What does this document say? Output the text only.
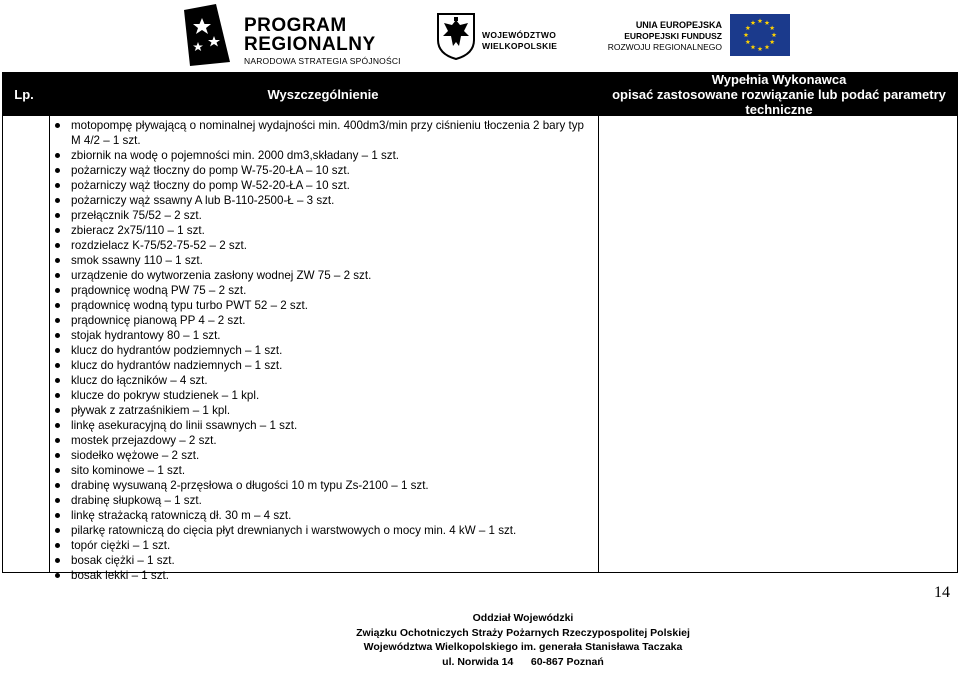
PROGRAM
REGIONALNY
NARODOWA STRATEGIA SPÓJNOŚCI
WOJEWÓDZTWO
WIELKOPOLSKIE
UNIA EUROPEJSKA
EUROPEJSKI FUNDUSZ
ROZWOJU REGIONALNEGO
Lp.	Wyszczególnienie
Wypełnia Wykonawca
opisać zastosowane rozwiązanie lub podać parametry
techniczne
motopompę pływającą o nominalnej wydajności min. 400dm3/min przy ciśnieniu tłoczenia 2 bary typ M 4/2 – 1 szt.
zbiornik na wodę o pojemności min. 2000 dm3,składany – 1 szt.
pożarniczy wąż tłoczny do pomp W-75-20-ŁA – 10 szt.
pożarniczy wąż tłoczny do pomp W-52-20-ŁA – 10 szt.
pożarniczy wąż ssawny A lub B-110-2500-Ł – 3 szt.
przełącznik 75/52 – 2 szt.
zbieracz 2x75/110 – 1 szt.
rozdzielacz K-75/52-75-52 – 2 szt.
smok ssawny 110 – 1 szt.
urządzenie do wytworzenia zasłony wodnej ZW 75 – 2 szt.
prądownicę wodną PW 75 – 2 szt.
prądownicę wodną typu turbo PWT 52 – 2 szt.
prądownicę pianową PP 4 – 2 szt.
stojak hydrantowy 80 – 1 szt.
klucz do hydrantów podziemnych – 1 szt.
klucz do hydrantów nadziemnych – 1 szt.
klucz do łączników – 4 szt.
klucze do pokryw studzienek – 1 kpl.
pływak z zatrzaśnikiem – 1 kpl.
linkę asekuracyjną do linii ssawnych – 1 szt.
mostek przejazdowy – 2 szt.
siodełko wężowe – 2 szt.
sito kominowe – 1 szt.
drabinę wysuwaną 2-przęsłowa o długości 10 m typu Zs-2100 – 1 szt.
drabinę słupkową – 1 szt.
linkę strażacką ratowniczą dł. 30 m – 4 szt.
pilarkę ratowniczą do cięcia płyt drewnianych i warstwowych o mocy min. 4 kW – 1 szt.
topór ciężki – 1 szt.
bosak ciężki – 1 szt.
bosak lekki – 1 szt.
14
Oddział Wojewódzki
Związku Ochotniczych Straży Pożarnych Rzeczypospolitej Polskiej
Województwa Wielkopolskiego im. generała Stanisława Taczaka
ul. Norwida 14      60-867 Poznań
